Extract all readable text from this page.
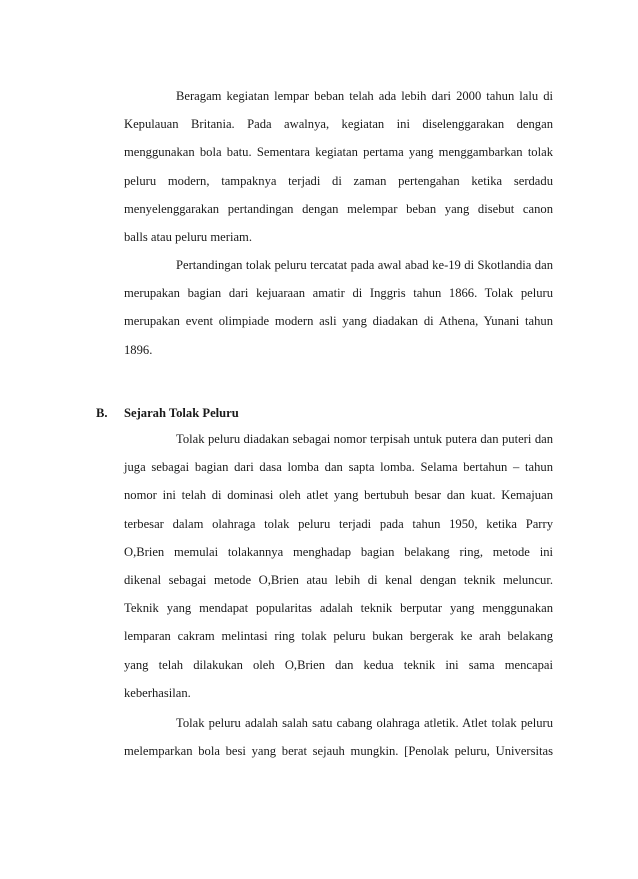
Beragam kegiatan lempar beban telah ada lebih dari 2000 tahun lalu di
Kepulauan Britania. Pada awalnya, kegiatan ini diselenggarakan dengan
menggunakan bola batu. Sementara kegiatan pertama yang menggambarkan tolak
peluru modern, tampaknya terjadi di zaman pertengahan ketika serdadu
menyelenggarakan pertandingan dengan melempar beban yang disebut canon
balls atau peluru meriam.
Pertandingan tolak peluru tercatat pada awal abad ke-19 di Skotlandia dan
merupakan bagian dari kejuaraan amatir di Inggris tahun 1866. Tolak peluru
merupakan event olimpiade modern asli yang diadakan di Athena, Yunani tahun
1896.
B. Sejarah Tolak Peluru
Tolak peluru diadakan sebagai nomor terpisah untuk putera dan puteri dan
juga sebagai bagian dari dasa lomba dan sapta lomba. Selama bertahun – tahun
nomor ini telah di dominasi oleh atlet yang bertubuh besar dan kuat. Kemajuan
terbesar dalam olahraga tolak peluru terjadi pada tahun 1950, ketika Parry
O,Brien memulai tolakannya menghadap bagian belakang ring, metode ini
dikenal sebagai metode O,Brien atau lebih di kenal dengan teknik meluncur.
Teknik yang mendapat popularitas adalah teknik berputar yang menggunakan
lemparan cakram melintasi ring tolak peluru bukan bergerak ke arah belakang
yang telah dilakukan oleh O,Brien dan kedua teknik ini sama mencapai
keberhasilan.
Tolak peluru adalah salah satu cabang olahraga atletik. Atlet tolak peluru
melemparkan bola besi yang berat sejauh mungkin. [Penolak peluru, Universitas
